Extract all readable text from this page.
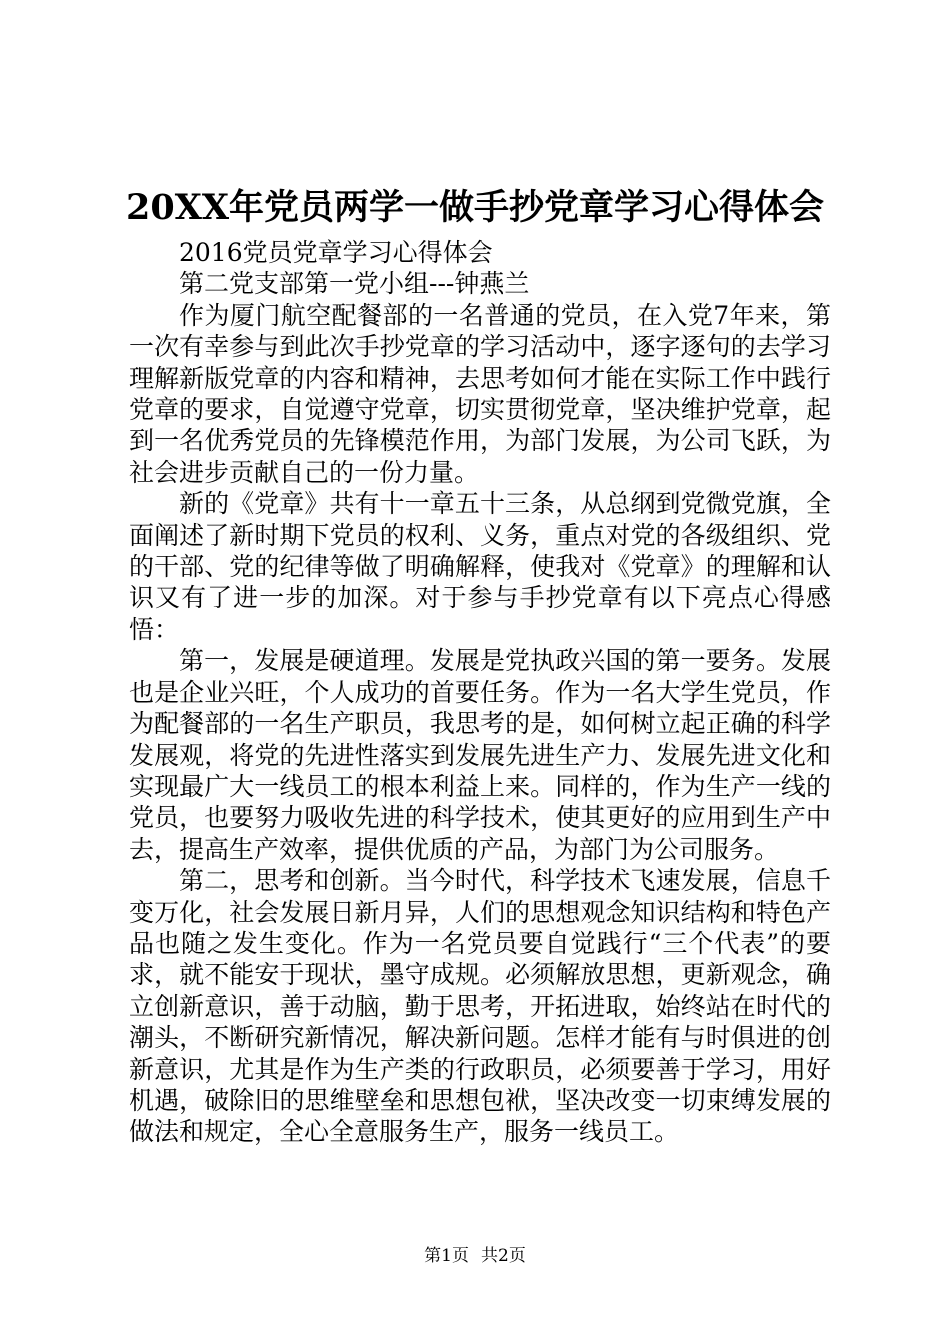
20XX年党员两学一做手抄党章学习心得体会

2016党员党章学习心得体会

第二党支部第一党小组---钟燕兰

作为厦门航空配餐部的一名普通的党员，在入党7年来，第一次有幸参与到此次手抄党章的学习活动中，逐字逐句的去学习理解新版党章的内容和精神，去思考如何才能在实际工作中践行党章的要求，自觉遵守党章，切实贯彻党章，坚决维护党章，起到一名优秀党员的先锋模范作用，为部门发展，为公司飞跃，为社会进步贡献自己的一份力量。

新的《党章》共有十一章五十三条，从总纲到党微党旗，全面阐述了新时期下党员的权利、义务，重点对党的各级组织、党的干部、党的纪律等做了明确解释，使我对《党章》的理解和认识又有了进一步的加深。对于参与手抄党章有以下亮点心得感悟：

第一，发展是硬道理。发展是党执政兴国的第一要务。发展也是企业兴旺，个人成功的首要任务。作为一名大学生党员，作为配餐部的一名生产职员，我思考的是，如何树立起正确的科学发展观，将党的先进性落实到发展先进生产力、发展先进文化和实现最广大一线员工的根本利益上来。同样的，作为生产一线的党员，也要努力吸收先进的科学技术，使其更好的应用到生产中去，提高生产效率，提供优质的产品，为部门为公司服务。

第二，思考和创新。当今时代，科学技术飞速发展，信息千变万化，社会发展日新月异，人们的思想观念知识结构和特色产品也随之发生变化。作为一名党员要自觉践行“三个代表”的要求，就不能安于现状，墨守成规。必须解放思想，更新观念，确立创新意识，善于动脑，勤于思考，开拓进取，始终站在时代的潮头，不断研究新情况，解决新问题。怎样才能有与时俱进的创新意识，尤其是作为生产类的行政职员，必须要善于学习，用好机遇，破除旧的思维壁垒和思想包袱，坚决改变一切束缚发展的做法和规定，全心全意服务生产，服务一线员工。

第1页 共2页
